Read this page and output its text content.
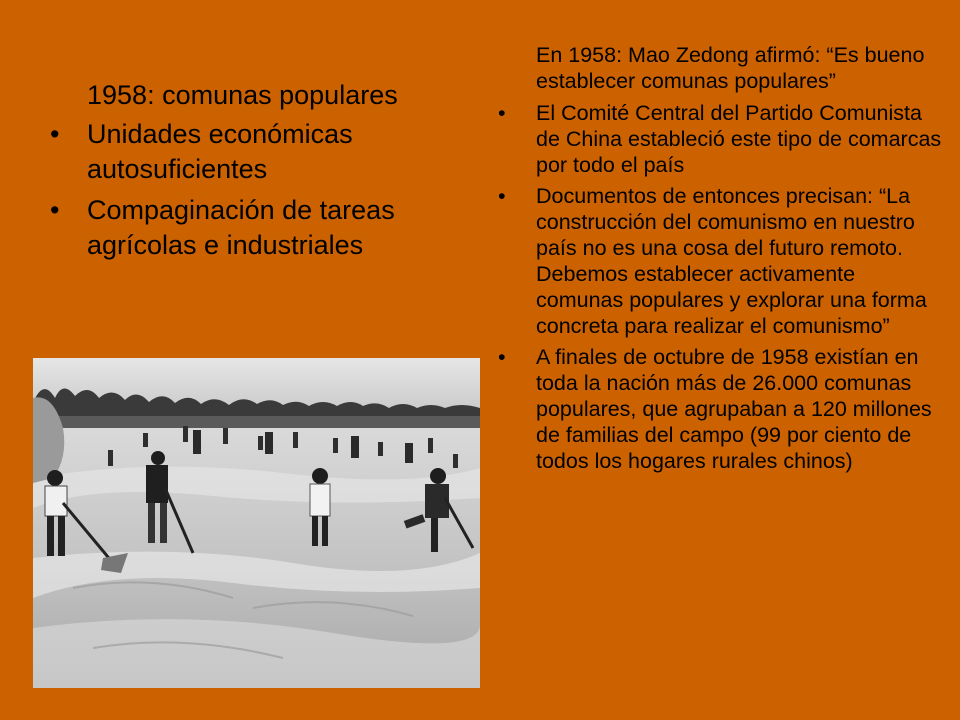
1958: comunas populares
• Unidades económicas autosuficientes
• Compaginación de tareas agrícolas e industriales
En 1958: Mao Zedong afirmó: “Es bueno establecer comunas populares”
• El Comité Central del Partido Comunista de China estableció este tipo de comarcas por todo el país
• Documentos de entonces precisan: “La construcción del comunismo en nuestro país no es una cosa del futuro remoto. Debemos establecer activamente comunas populares y explorar una forma concreta para realizar el comunismo”
• A finales de octubre de 1958 existían en toda la nación más de 26.000 comunas populares, que agrupaban a 120 millones de familias del campo (99 por ciento de todos los hogares rurales chinos)
